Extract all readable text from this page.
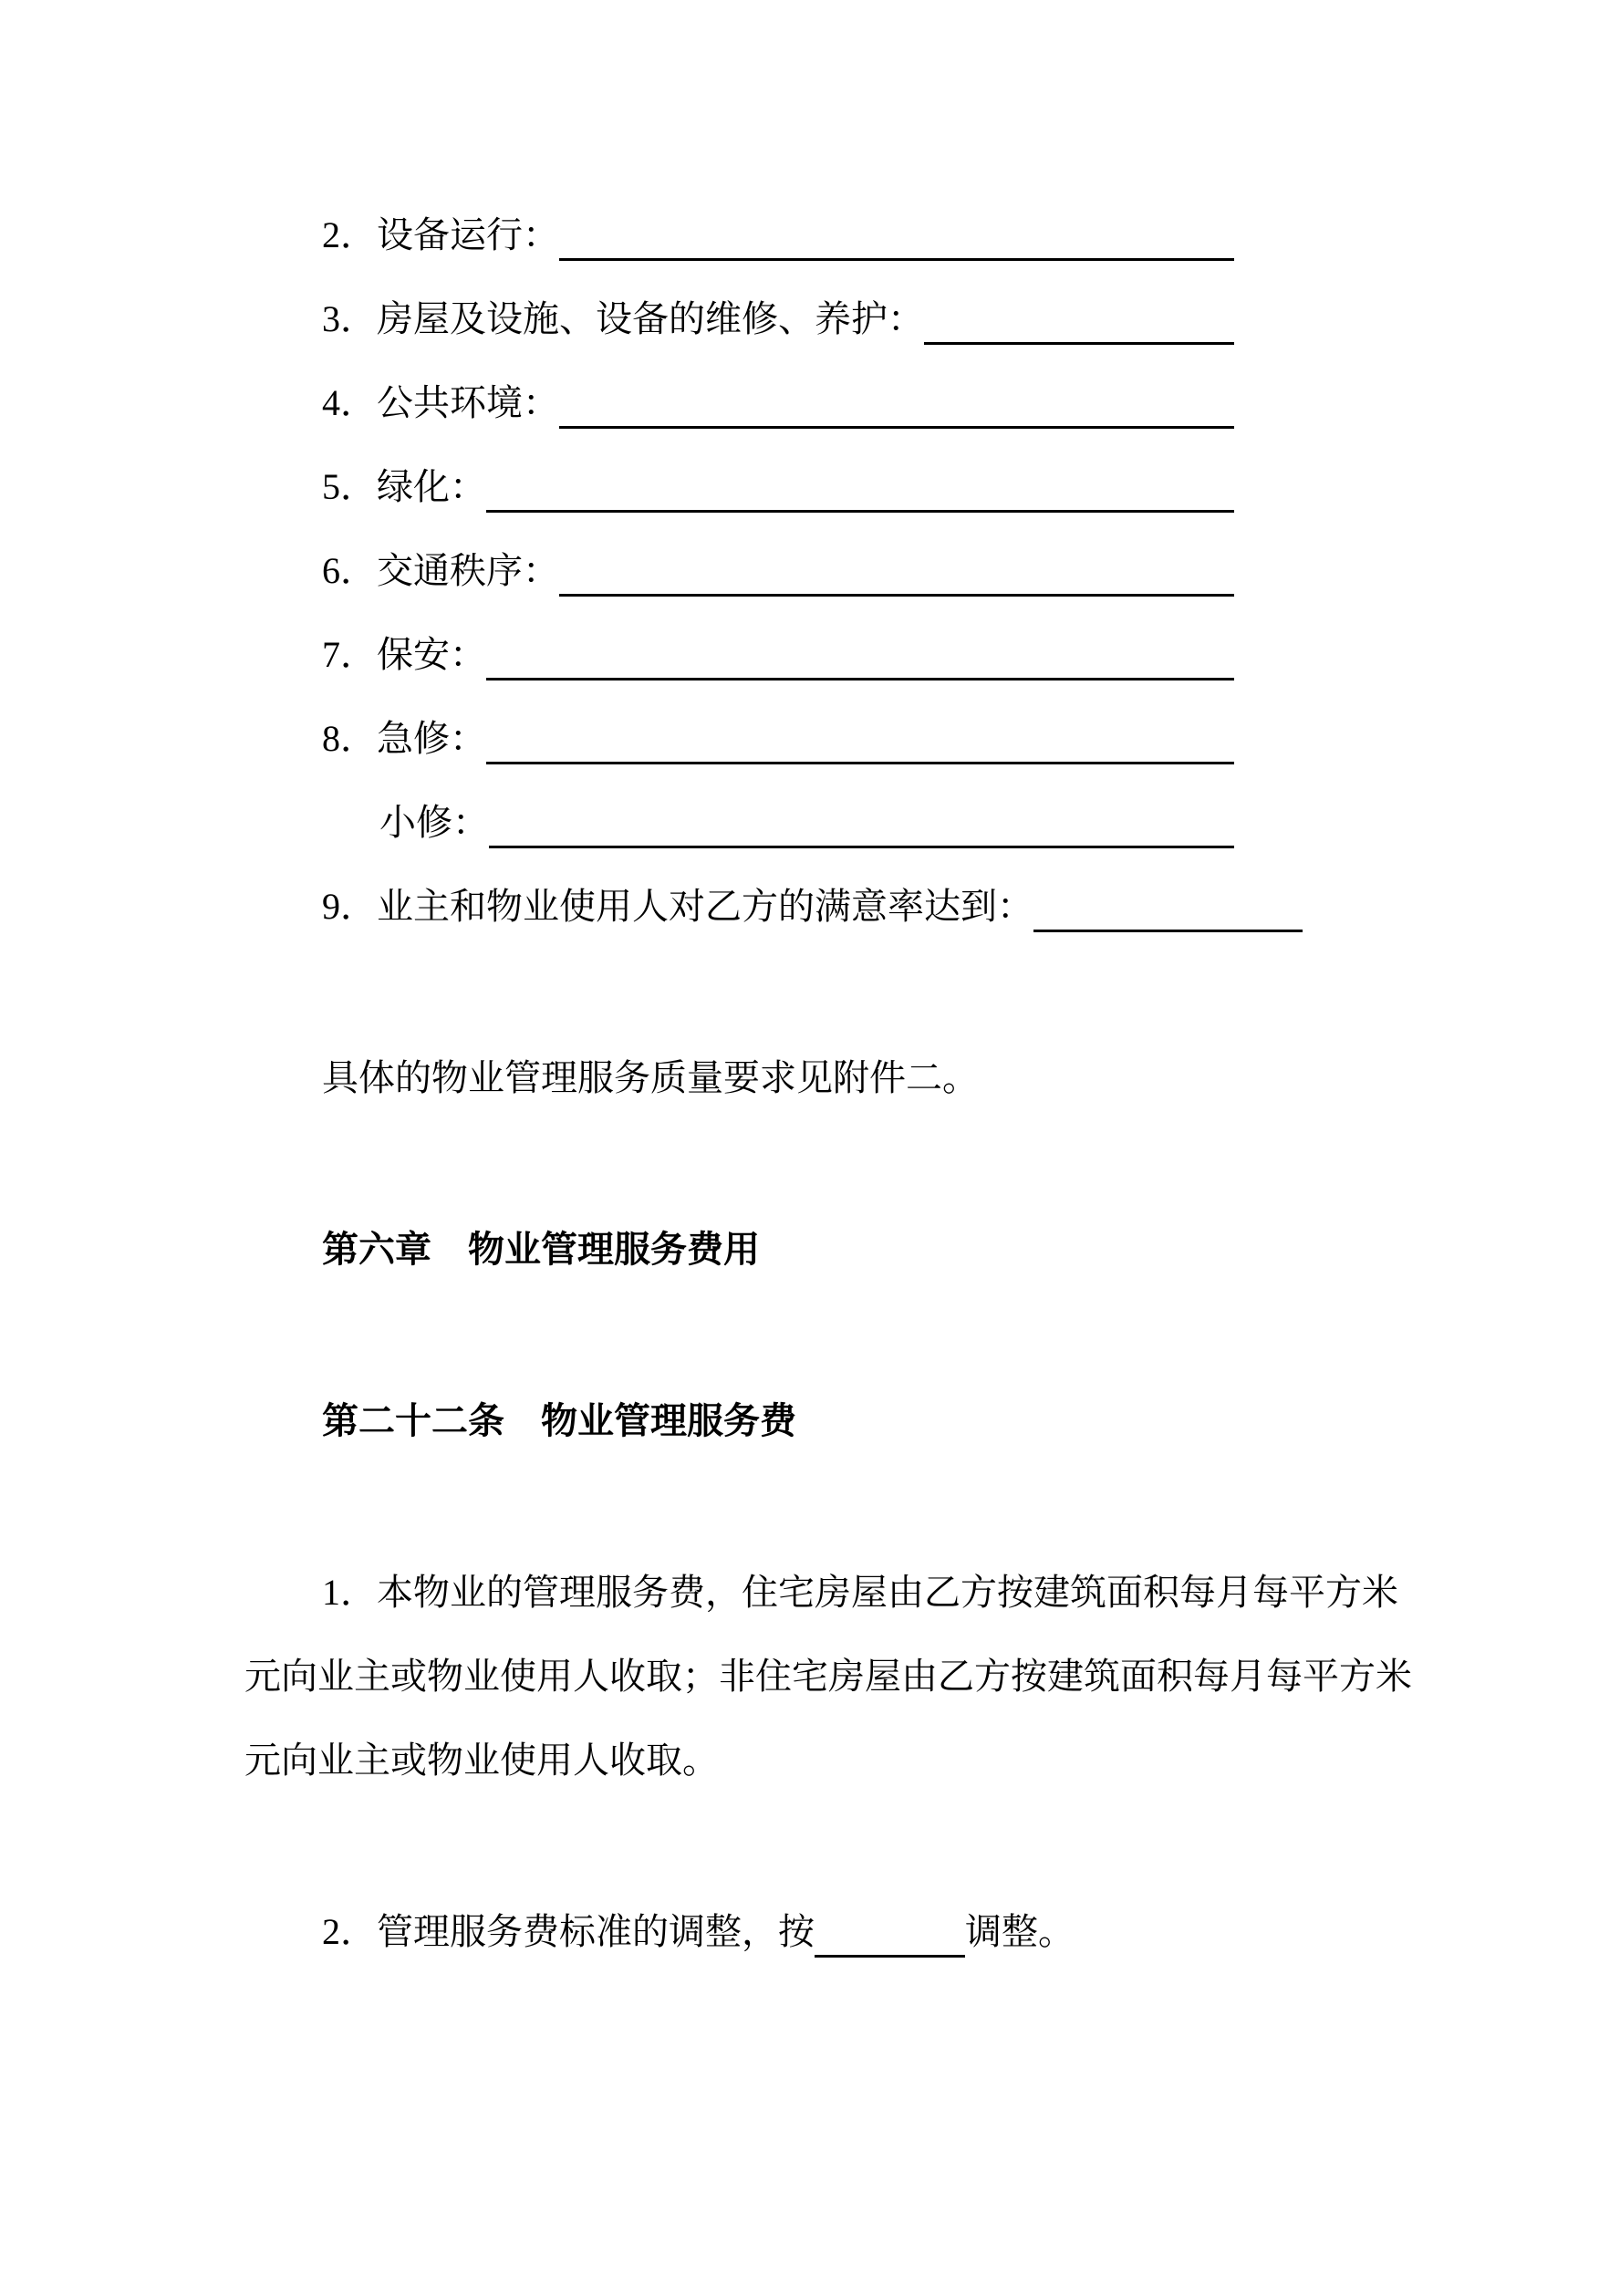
2．设备运行：
3．房屋及设施、设备的维修、养护：
4．公共环境：
5．绿化：
6．交通秩序：
7．保安：
8．急修：
小修：
9．业主和物业使用人对乙方的满意率达到：
具体的物业管理服务质量要求见附件二。
第六章　物业管理服务费用
第二十二条　物业管理服务费
1．本物业的管理服务费，住宅房屋由乙方按建筑面积每月每平方米
元向业主或物业使用人收取；非住宅房屋由乙方按建筑面积每月每平方米
元向业主或物业使用人收取。
2．管理服务费标准的调整，按	调整。
